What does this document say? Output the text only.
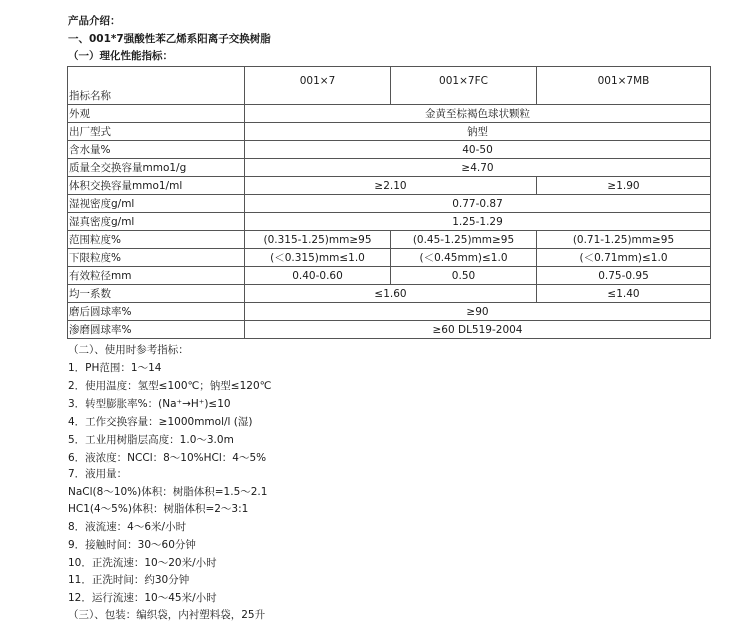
产品介绍：
一、001*7强酸性苯乙烯系阳离子交换树脂
（一）理化性能指标：
指标名称	001×7	001×7FC	001×7MB
外观	金黄至棕褐色球状颗粒		
出厂型式	钠型		
含水量%	40-50		
质量全交换容量mmo1/g	≥4.70		
体积交换容量mmo1/ml	≥2.10		≥1.90
湿视密度g/ml	0.77-0.87		
湿真密度g/ml	1.25-1.29		
范围粒度%	(0.315-1.25)mm≥95	(0.45-1.25)mm≥95	(0.71-1.25)mm≥95
下限粒度%	(＜0.315)mm≤1.0	(＜0.45mm)≤1.0	(＜0.71mm)≤1.0
有效粒径mm	0.40-0.60	0.50	0.75-0.95
均一系数	≤1.60		≤1.40
磨后圆球率%	≥90		
渗磨圆球率%	≥60 DL519-2004		
（二）、使用时参考指标：
1．PH范围：1～14
2．使用温度：氢型≤100℃；钠型≤120℃
3．转型膨胀率%：(Na⁺→H⁺)≤10
4．工作交换容量：≥1000mmol/l (湿)
5．工业用树脂层高度：1.0～3.0m
6．液浓度：NCCl：8～10%HCl：4～5%
7．液用量：
NaCl(8～10%)体积：树脂体积=1.5～2.1
HC1(4～5%)体积：树脂体积=2～3:1
8．液流速：4～6米/小时
9．接触时间：30～60分钟
10．正洗流速：10～20米/小时
11．正洗时间：约30分钟
12．运行流速：10～45米/小时
（三）、包装：编织袋，内衬塑料袋，25升
